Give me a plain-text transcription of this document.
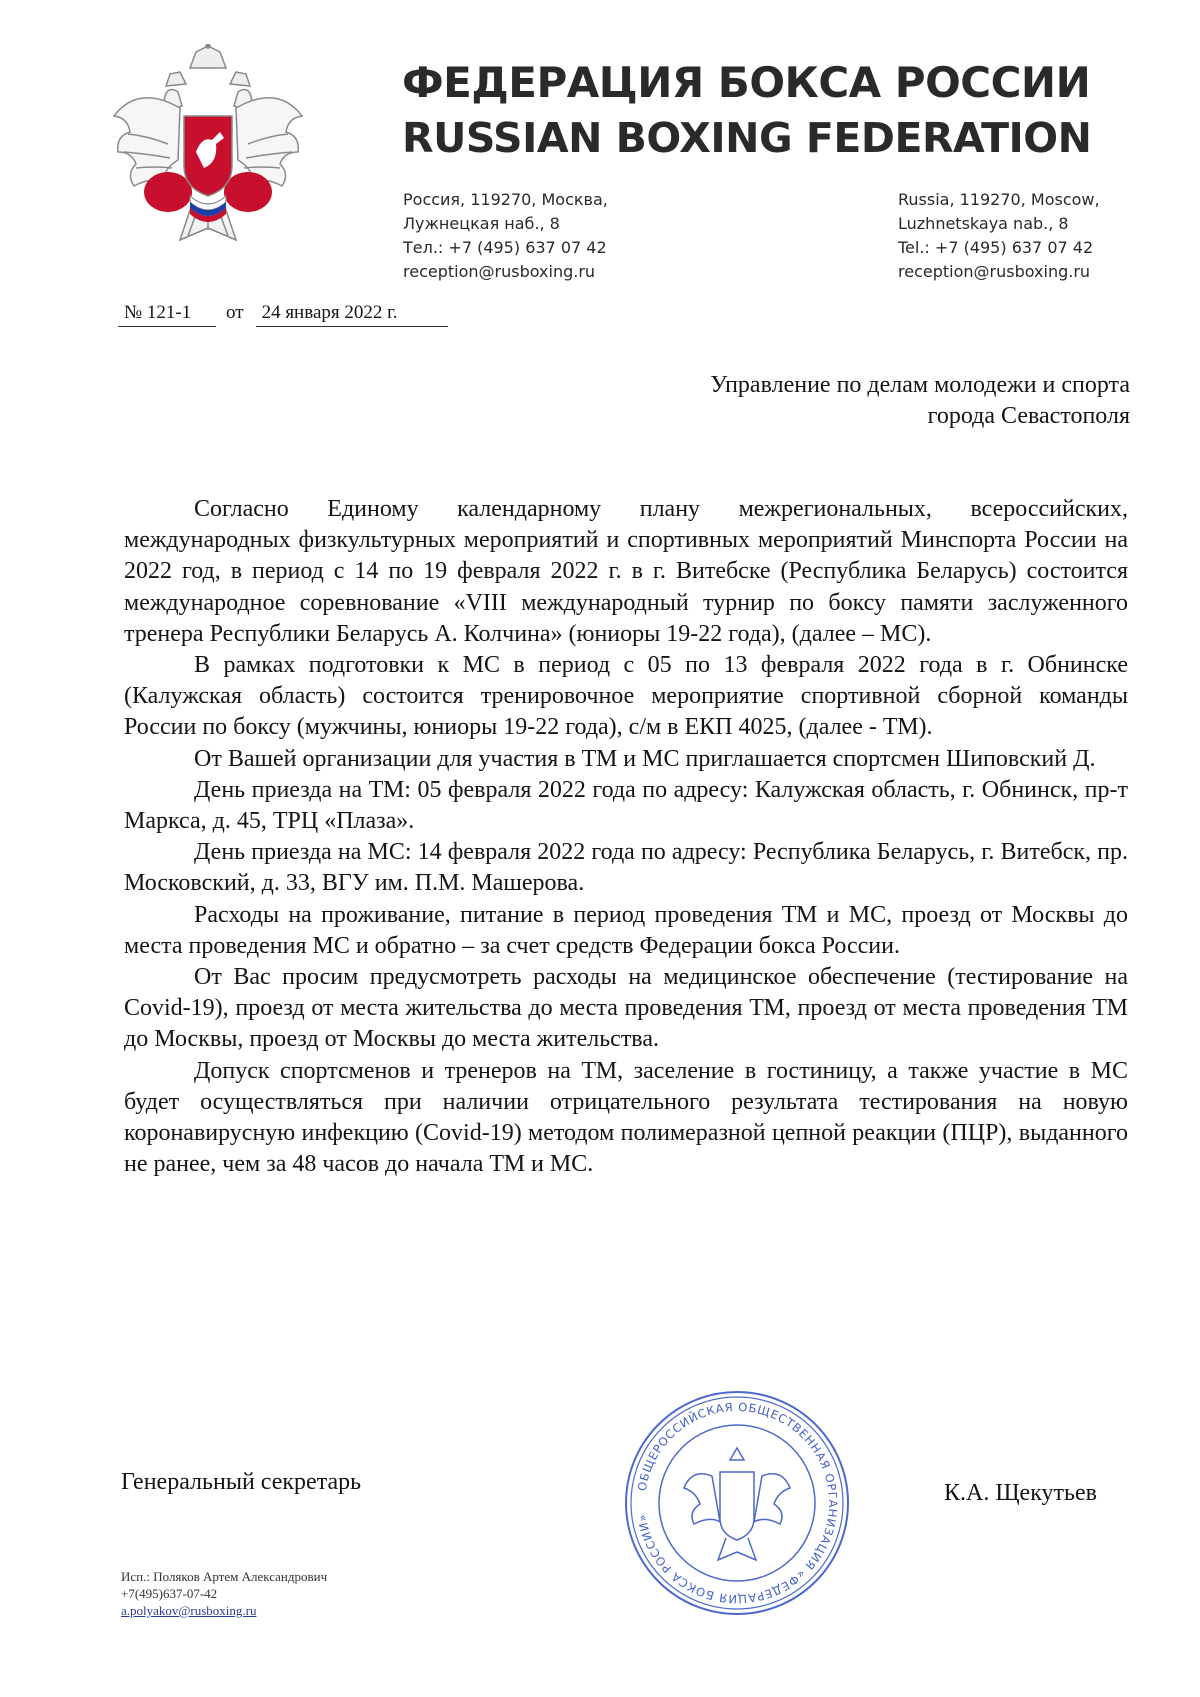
ФЕДЕРАЦИЯ БОКСА РОССИИ
RUSSIAN BOXING FEDERATION
Россия, 119270, Москва,
Лужнецкая наб., 8
Тел.: +7 (495) 637 07 42
reception@rusboxing.ru
Russia, 119270, Moscow,
Luzhnetskaya nab., 8
Tel.: +7 (495) 637 07 42
reception@rusboxing.ru
№ 121-1 от 24 января 2022 г.
Управление по делам молодежи и спорта
города Севастополя

Согласно Единому календарному плану межрегиональных, всероссийских, международных физкультурных мероприятий и спортивных мероприятий Минспорта России на 2022 год, в период с 14 по 19 февраля 2022 г. в г. Витебске (Республика Беларусь) состоится международное соревнование «VIII международный турнир по боксу памяти заслуженного тренера Республики Беларусь А. Колчина» (юниоры 19-22 года), (далее – МС).

В рамках подготовки к МС в период с 05 по 13 февраля 2022 года в г. Обнинске (Калужская область) состоится тренировочное мероприятие спортивной сборной команды России по боксу (мужчины, юниоры 19-22 года), с/м в ЕКП 4025, (далее - ТМ).

От Вашей организации для участия в ТМ и МС приглашается спортсмен Шиповский Д.

День приезда на ТМ: 05 февраля 2022 года по адресу: Калужская область, г. Обнинск, пр-т Маркса, д. 45, ТРЦ «Плаза».

День приезда на МС: 14 февраля 2022 года по адресу: Республика Беларусь, г. Витебск, пр. Московский, д. 33, ВГУ им. П.М. Машерова.

Расходы на проживание, питание в период проведения ТМ и МС, проезд от Москвы до места проведения МС и обратно – за счет средств Федерации бокса России.

От Вас просим предусмотреть расходы на медицинское обеспечение (тестирование на Covid-19), проезд от места жительства до места проведения ТМ, проезд от места проведения ТМ до Москвы, проезд от Москвы до места жительства.

Допуск спортсменов и тренеров на ТМ, заселение в гостиницу, а также участие в МС будет осуществляться при наличии отрицательного результата тестирования на новую коронавирусную инфекцию (Covid-19) методом полимеразной цепной реакции (ПЦР), выданного не ранее, чем за 48 часов до начала ТМ и МС.

ОБЩЕРОССИЙСКАЯ ОБЩЕСТВЕННАЯ ОРГАНИЗАЦИЯ «ФЕДЕРАЦИЯ БОКСА РОССИИ»
Генеральный секретарь	К.А. Щекутьев
Исп.: Поляков Артем Александрович
+7(495)637-07-42
a.polyakov@rusboxing.ru
